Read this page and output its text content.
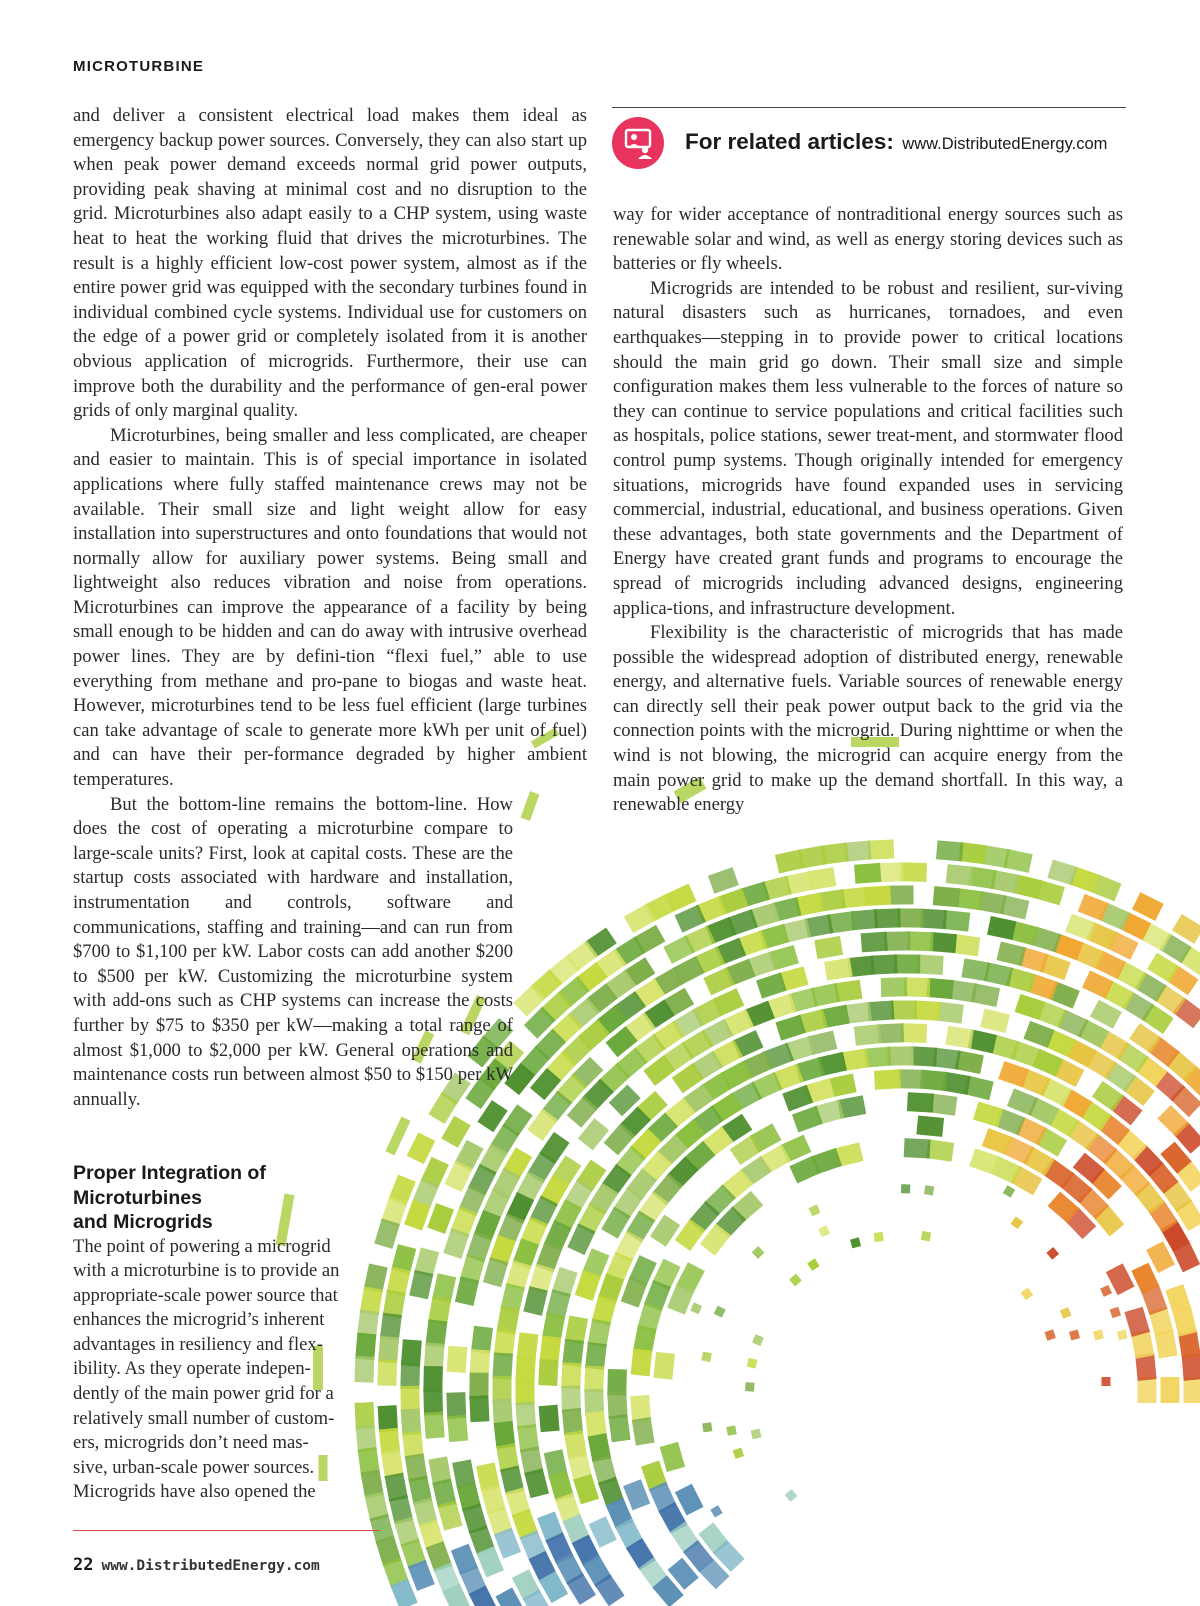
MICROTURBINE

and deliver a consistent electrical load makes them ideal as emergency backup power sources. Conversely, they can also start up when peak power demand exceeds normal grid power outputs, providing peak shaving at minimal cost and no disruption to the grid. Microturbines also adapt easily to a CHP system, using waste heat to heat the working fluid that drives the microturbines. The result is a highly efficient low-cost power system, almost as if the entire power grid was equipped with the secondary turbines found in individual combined cycle systems. Individual use for customers on the edge of a power grid or completely isolated from it is another obvious application of microgrids. Furthermore, their use can improve both the durability and the performance of gen-eral power grids of only marginal quality.

Microturbines, being smaller and less complicated, are cheaper and easier to maintain. This is of special importance in isolated applications where fully staffed maintenance crews may not be available. Their small size and light weight allow for easy installation into superstructures and onto foundations that would not normally allow for auxiliary power systems. Being small and lightweight also reduces vibration and noise from operations. Microturbines can improve the appearance of a facility by being small enough to be hidden and can do away with intrusive overhead power lines. They are by defini-tion “flexi fuel,” able to use everything from methane and pro-pane to biogas and waste heat. However, microturbines tend to be less fuel efficient (large turbines can take advantage of scale to generate more kWh per unit of fuel) and can have their per-formance degraded by higher ambient temperatures.

But the bottom-line remains the bottom-line. How does the cost of operating a microturbine compare to large-scale units? First, look at capital costs. These are the startup costs associated with hardware and installation, instrumentation and controls, software and communications, staffing and training—and can run from $700 to $1,100 per kW. Labor costs can add another $200 to $500 per kW. Customizing the microturbine system with add-ons such as CHP systems can increase the costs further by $75 to $350 per kW—making a total range of almost $1,000 to $2,000 per kW. General operations and maintenance costs run between almost $50 to $150 per kW annually.

Proper Integration of
Microturbines
and Microgrids

The point of powering a microgrid

with a microturbine is to provide an

appropriate-scale power source that

enhances the microgrid’s inherent

advantages in resiliency and flex-

ibility. As they operate indepen-

dently of the main power grid for a

relatively small number of custom-

ers, microgrids don’t need mas-

sive, urban-scale power sources.

Microgrids have also opened the

For related articles: www.DistributedEnergy.com

way for wider acceptance of nontraditional energy sources such as renewable solar and wind, as well as energy storing devices such as batteries or fly wheels.

Microgrids are intended to be robust and resilient, sur-viving natural disasters such as hurricanes, tornadoes, and even earthquakes—stepping in to provide power to critical locations should the main grid go down. Their small size and simple configuration makes them less vulnerable to the forces of nature so they can continue to service populations and critical facilities such as hospitals, police stations, sewer treat-ment, and stormwater flood control pump systems. Though originally intended for emergency situations, microgrids have found expanded uses in servicing commercial, industrial, educational, and business operations. Given these advantages, both state governments and the Department of Energy have created grant funds and programs to encourage the spread of microgrids including advanced designs, engineering applica-tions, and infrastructure development.

Flexibility is the characteristic of microgrids that has made possible the widespread adoption of distributed energy, renewable energy, and alternative fuels. Variable sources of renewable energy can directly sell their peak power output back to the grid via the connection points with the microgrid. During nighttime or when the wind is not blowing, the microgrid can acquire energy from the main power grid to make up the demand shortfall. In this way, a renewable energy

22 www.DistributedEnergy.com
